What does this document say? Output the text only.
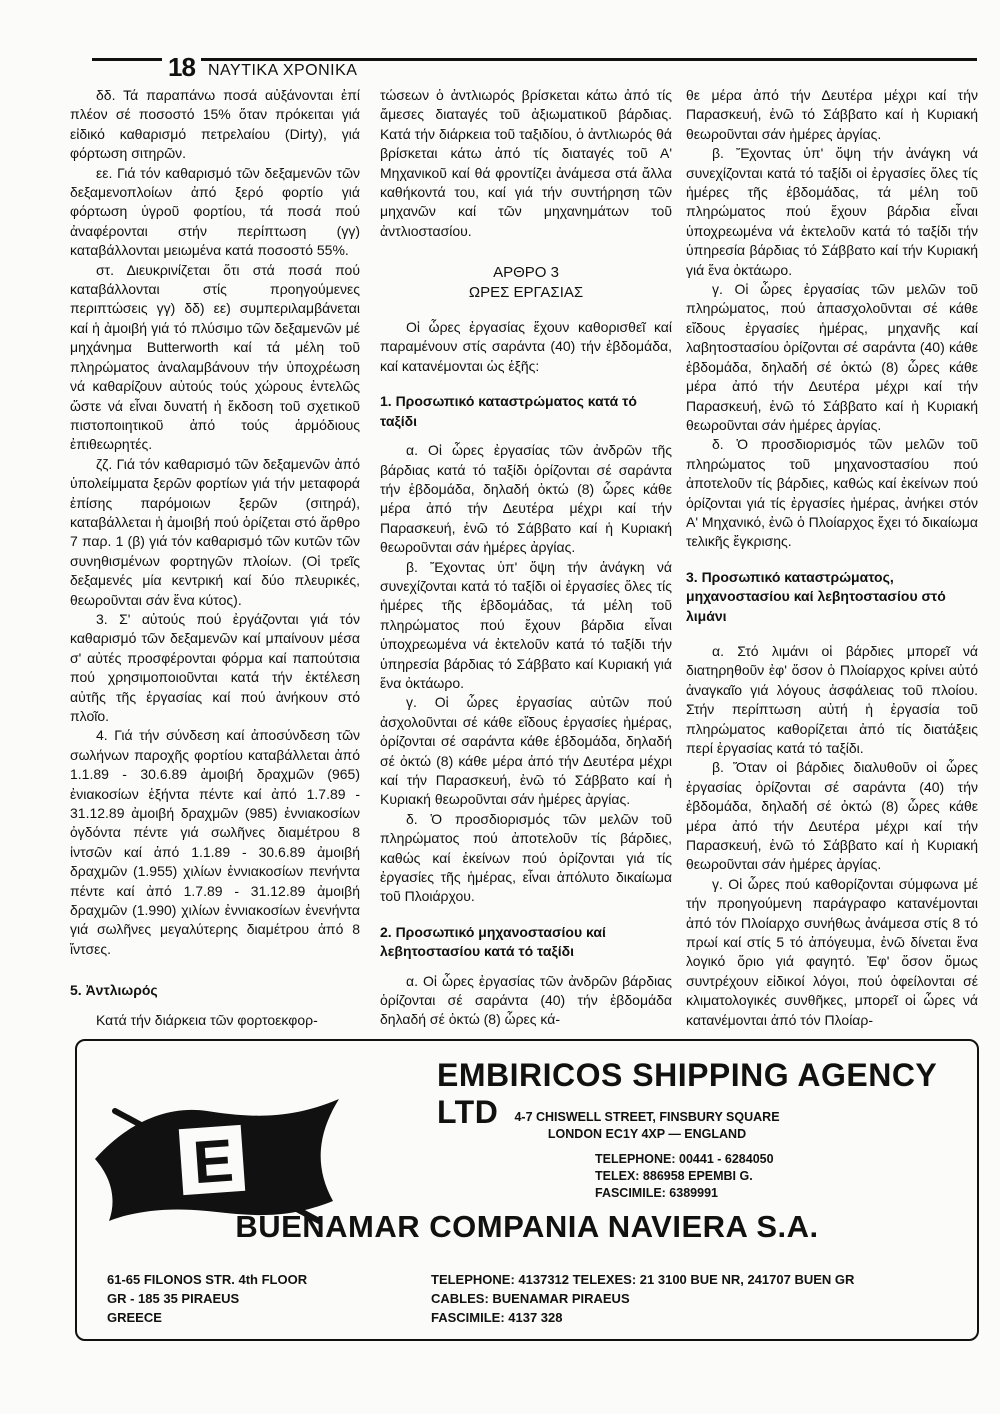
18 ΝΑΥΤΙΚΑ ΧΡΟΝΙΚΑ

δδ. Τά παραπάνω ποσά αὐξάνονται ἐπί πλέον σέ ποσοστό 15% ὅταν πρόκειται γιά εἰδικό καθαρισμό πετρελαίου (Dirty), γιά φόρτωση σιτηρῶν.

εε. Γιά τόν καθαρισμό τῶν δεξαμενῶν τῶν δεξαμενοπλοίων ἀπό ξερό φορτίο γιά φόρτωση ὑγροῦ φορτίου, τά ποσά πού ἀναφέρονται στήν περίπτωση (γγ) καταβάλλονται μειωμένα κατά ποσοστό 55%.

στ. Διευκρινίζεται ὅτι στά ποσά πού καταβάλλονται στίς προηγούμενες περιπτώσεις γγ) δδ) εε) συμπεριλαμβάνεται καί ἡ ἀμοιβή γιά τό πλύσιμο τῶν δεξαμενῶν μέ μηχάνημα Butterworth καί τά μέλη τοῦ πληρώματος ἀναλαμβάνουν τήν ὑποχρέωση νά καθαρίζουν αὐτούς τούς χώρους ἐντελῶς ὥστε νά εἶναι δυνατή ἡ ἔκδοση τοῦ σχετικοῦ πιστοποιητικοῦ ἀπό τούς ἁρμόδιους ἐπιθεωρητές.

ζζ. Γιά τόν καθαρισμό τῶν δεξαμενῶν ἀπό ὑπολείμματα ξερῶν φορτίων γιά τήν μεταφορά ἐπίσης παρόμοιων ξερῶν (σιτηρά), καταβάλλεται ἡ ἀμοιβή πού ὁρίζεται στό ἄρθρο 7 παρ. 1 (β) γιά τόν καθαρισμό τῶν κυτῶν τῶν συνηθισμένων φορτηγῶν πλοίων. (Οἱ τρεῖς δεξαμενές μία κεντρική καί δύο πλευρικές, θεωροῦνται σάν ἕνα κύτος).

3. Σ' αὐτούς πού ἐργάζονται γιά τόν καθαρισμό τῶν δεξαμενῶν καί μπαίνουν μέσα σ' αὐτές προσφέρονται φόρμα καί παπούτσια πού χρησιμοποιοῦνται κατά τήν ἐκτέλεση αὐτῆς τῆς ἐργασίας καί πού ἀνήκουν στό πλοῖο.

4. Γιά τήν σύνδεση καί ἀποσύνδεση τῶν σωλήνων παροχῆς φορτίου καταβάλλεται ἀπό 1.1.89 - 30.6.89 ἀμοιβή δραχμῶν (965) ἐνιακοσίων ἑξήντα πέντε καί ἀπό 1.7.89 - 31.12.89 ἀμοιβή δραχμῶν (985) ἐννιακοσίων ὀγδόντα πέντε γιά σωλῆνες διαμέτρου 8 ἰντσῶν καί ἀπό 1.1.89 - 30.6.89 ἀμοιβή δραχμῶν (1.955) χιλίων ἐννιακοσίων πενήντα πέντε καί ἀπό 1.7.89 - 31.12.89 ἀμοιβή δραχμῶν (1.990) χιλίων ἐννιακοσίων ἐνενήντα γιά σωλῆνες μεγαλύτερης διαμέτρου ἀπό 8 ἴντσες.

5. Ἀντλιωρός

Κατά τήν διάρκεια τῶν φορτοεκφορ-

τώσεων ὁ ἀντλιωρός βρίσκεται κάτω ἀπό τίς ἄμεσες διαταγές τοῦ ἀξιωματικοῦ βάρδιας. Κατά τήν διάρκεια τοῦ ταξιδίου, ὁ ἀντλιωρός θά βρίσκεται κάτω ἀπό τίς διαταγές τοῦ Α' Μηχανικοῦ καί θά φροντίζει ἀνάμεσα στά ἄλλα καθήκοντά του, καί γιά τήν συντήρηση τῶν μηχανῶν καί τῶν μηχανημάτων τοῦ ἀντλιοστασίου.

ΑΡΘΡΟ 3

ΩΡΕΣ ΕΡΓΑΣΙΑΣ

Οἱ ὧρες ἐργασίας ἔχουν καθορισθεῖ καί παραμένουν στίς σαράντα (40) τήν ἑβδομάδα, καί κατανέμονται ὡς ἑξῆς:

1. Προσωπικό καταστρώματος κατά τό ταξίδι

α. Οἱ ὧρες ἐργασίας τῶν ἀνδρῶν τῆς βάρδιας κατά τό ταξίδι ὁρίζονται σέ σαράντα τήν ἑβδομάδα, δηλαδή ὀκτώ (8) ὧρες κάθε μέρα ἀπό τήν Δευτέρα μέχρι καί τήν Παρασκευή, ἐνῶ τό Σάββατο καί ἡ Κυριακή θεωροῦνται σάν ἡμέρες ἀργίας.

β. Ἔχοντας ὑπ' ὄψη τήν ἀνάγκη νά συνεχίζονται κατά τό ταξίδι οἱ ἐργασίες ὅλες τίς ἡμέρες τῆς ἑβδομάδας, τά μέλη τοῦ πληρώματος πού ἔχουν βάρδια εἶναι ὑποχρεωμένα νά ἐκτελοῦν κατά τό ταξίδι τήν ὑπηρεσία βάρδιας τό Σάββατο καί Κυριακή γιά ἕνα ὀκτάωρο.

γ. Οἱ ὧρες ἐργασίας αὐτῶν πού ἀσχολοῦνται σέ κάθε εἴδους ἐργασίες ἡμέρας, ὁρίζονται σέ σαράντα κάθε ἑβδομάδα, δηλαδή σέ ὀκτώ (8) κάθε μέρα ἀπό τήν Δευτέρα μέχρι καί τήν Παρασκευή, ἐνῶ τό Σάββατο καί ἡ Κυριακή θεωροῦνται σάν ἡμέρες ἀργίας.

δ. Ὁ προσδιορισμός τῶν μελῶν τοῦ πληρώματος πού ἀποτελοῦν τίς βάρδιες, καθώς καί ἐκείνων πού ὁρίζονται γιά τίς ἐργασίες τῆς ἡμέρας, εἶναι ἀπόλυτο δικαίωμα τοῦ Πλοιάρχου.

2. Προσωπικό μηχανοστασίου καί λεβητοστασίου κατά τό ταξίδι

α. Οἱ ὧρες ἐργασίας τῶν ἀνδρῶν βάρδιας ὁρίζονται σέ σαράντα (40) τήν ἑβδομάδα δηλαδή σέ ὀκτώ (8) ὧρες κά-

θε μέρα ἀπό τήν Δευτέρα μέχρι καί τήν Παρασκευή, ἐνῶ τό Σάββατο καί ἡ Κυριακή θεωροῦνται σάν ἡμέρες ἀργίας.

β. Ἔχοντας ὑπ' ὄψη τήν ἀνάγκη νά συνεχίζονται κατά τό ταξίδι οἱ ἐργασίες ὅλες τίς ἡμέρες τῆς ἑβδομάδας, τά μέλη τοῦ πληρώματος πού ἔχουν βάρδια εἶναι ὑποχρεωμένα νά ἐκτελοῦν κατά τό ταξίδι τήν ὑπηρεσία βάρδιας τό Σάββατο καί τήν Κυριακή γιά ἕνα ὀκτάωρο.

γ. Οἱ ὧρες ἐργασίας τῶν μελῶν τοῦ πληρώματος, πού ἀπασχολοῦνται σέ κάθε εἴδους ἐργασίες ἡμέρας, μηχανῆς καί λαβητοστασίου ὁρίζονται σέ σαράντα (40) κάθε ἑβδομάδα, δηλαδή σέ ὀκτώ (8) ὧρες κάθε μέρα ἀπό τήν Δευτέρα μέχρι καί τήν Παρασκευή, ἐνῶ τό Σάββατο καί ἡ Κυριακή θεωροῦνται σάν ἡμέρες ἀργίας.

δ. Ὁ προσδιορισμός τῶν μελῶν τοῦ πληρώματος τοῦ μηχανοστασίου πού ἀποτελοῦν τίς βάρδιες, καθώς καί ἐκείνων πού ὁρίζονται γιά τίς ἐργασίες ἡμέρας, ἀνήκει στόν Α' Μηχανικό, ἐνῶ ὁ Πλοίαρχος ἔχει τό δικαίωμα τελικῆς ἔγκρισης.

3. Προσωπικό καταστρώματος, μηχανοστασίου καί λεβητοστασίου στό λιμάνι

α. Στό λιμάνι οἱ βάρδιες μπορεῖ νά διατηρηθοῦν ἐφ' ὅσον ὁ Πλοίαρχος κρίνει αὐτό ἀναγκαῖο γιά λόγους ἀσφάλειας τοῦ πλοίου. Στήν περίπτωση αὐτή ἡ ἐργασία τοῦ πληρώματος καθορίζεται ἀπό τίς διατάξεις περί ἐργασίας κατά τό ταξίδι.

β. Ὅταν οἱ βάρδιες διαλυθοῦν οἱ ὧρες ἐργασίας ὁρίζονται σέ σαράντα (40) τήν ἑβδομάδα, δηλαδή σέ ὀκτώ (8) ὧρες κάθε μέρα ἀπό τήν Δευτέρα μέχρι καί τήν Παρασκευή, ἐνῶ τό Σάββατο καί ἡ Κυριακή θεωροῦνται σάν ἡμέρες ἀργίας.

γ. Οἱ ὧρες πού καθορίζονται σύμφωνα μέ τήν προηγούμενη παράγραφο κατανέμονται ἀπό τόν Πλοίαρχο συνήθως ἀνάμεσα στίς 8 τό πρωί καί στίς 5 τό ἀπόγευμα, ἐνῶ δίνεται ἕνα λογικό ὅριο γιά φαγητό. Ἐφ' ὅσον ὅμως συντρέχουν εἰδικοί λόγοι, πού ὀφείλονται σέ κλιματολογικές συνθῆκες, μπορεῖ οἱ ὧρες νά κατανέμονται ἀπό τόν Πλοίαρ-

EMBIRICOS SHIPPING AGENCY LTD
E
4-7 CHISWELL STREET, FINSBURY SQUARE
LONDON EC1Y 4XP — ENGLAND
TELEPHONE: 00441 - 6284050
TELEX: 886958 EPEMBI G.
FASCIMILE: 6389991
BUENAMAR COMPANIA NAVIERA S.A.
61-65 FILONOS STR. 4th FLOOR
GR - 185 35 PIRAEUS
GREECE
TELEPHONE: 4137312 TELEXES: 21 3100 BUE NR, 241707 BUEN GR
CABLES: BUENAMAR PIRAEUS
FASCIMILE: 4137 328
